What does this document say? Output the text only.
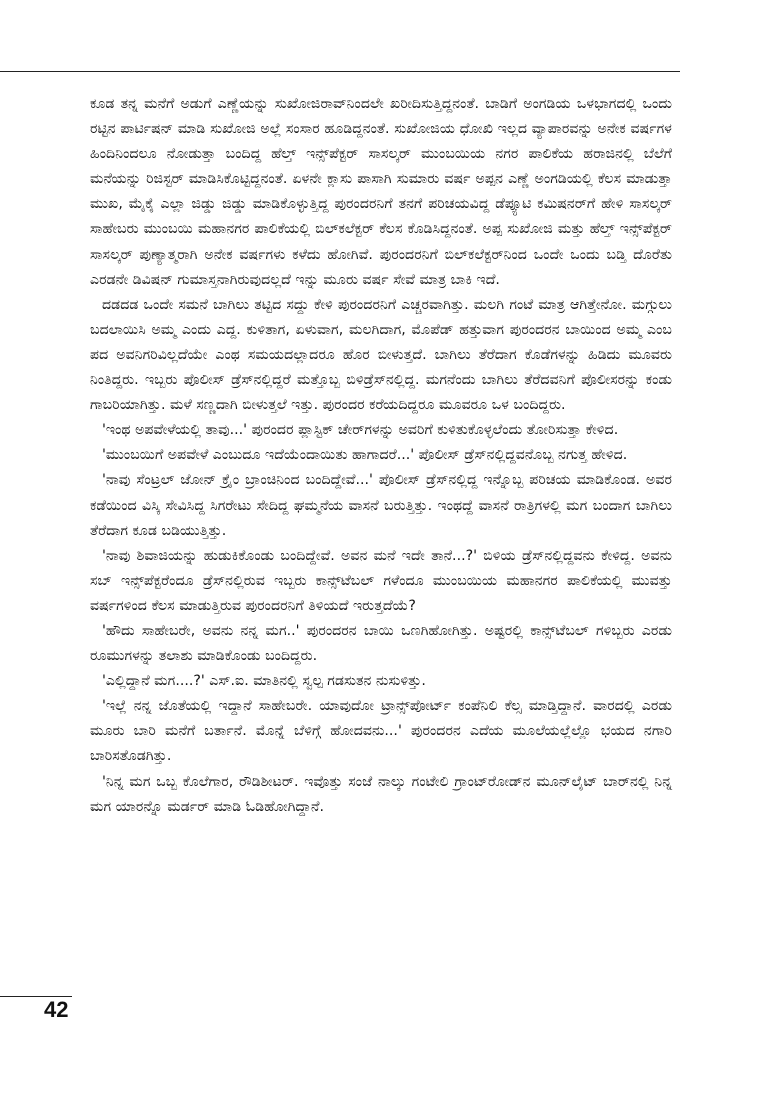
ಕೂಡ ತನ್ನ ಮನೆಗೆ ಅಡುಗೆ ಎಣ್ಣೆಯನ್ನು ಸುಖೋಜಿರಾವ್‌ನಿಂದಲೇ ಖರೀದಿಸುತ್ತಿದ್ದನಂತೆ. ಬಾಡಿಗೆ ಅಂಗಡಿಯ ಒಳಭಾಗದಲ್ಲಿ ಒಂದು ರಟ್ಟಿನ ಪಾರ್ಟಿಷನ್ ಮಾಡಿ ಸುಖೋಜಿ ಅಲ್ಲೆ ಸಂಸಾರ ಹೂಡಿದ್ದನಂತೆ. ಸುಖೋಜಿಯ ಧೋಖಿ ಇಲ್ಲದ ವ್ಯಾಪಾರವನ್ನು ಅನೇಕ ವರ್ಷಗಳ ಹಿಂದಿನಿಂದಲೂ ನೋಡುತ್ತಾ ಬಂದಿದ್ದ ಹೆಲ್ತ್ ಇನ್ಸ್‌ಪೆಕ್ಟರ್ ಸಾಸಲ್ಕರ್ ಮುಂಬಯಿಯ ನಗರ ಪಾಲಿಕೆಯ ಹರಾಜಿನಲ್ಲಿ ಬೆಲೆಗೆ ಮನೆಯನ್ನು ರಿಜಿಸ್ಟರ್ ಮಾಡಿಸಿಕೊಟ್ಟಿದ್ದನಂತೆ. ಏಳನೇ ಕ್ಲಾಸು ಪಾಸಾಗಿ ಸುಮಾರು ವರ್ಷ ಅಪ್ಪನ ಎಣ್ಣೆ ಅಂಗಡಿಯಲ್ಲಿ ಕೆಲಸ ಮಾಡುತ್ತಾ ಮುಖ, ಮೈಕೈ ಎಲ್ಲಾ ಜಿಡ್ಡು ಜಿಡ್ಡು ಮಾಡಿಕೊಳ್ಳುತ್ತಿದ್ದ ಪುರಂದರನಿಗೆ ತನಗೆ ಪರಿಚಯವಿದ್ದ ಡೆಪ್ಯೂಟಿ ಕಮಿಷನರ್‌ಗೆ ಹೇಳಿ ಸಾಸಲ್ಕರ್ ಸಾಹೇಬರು ಮುಂಬಯಿ ಮಹಾನಗರ ಪಾಲಿಕೆಯಲ್ಲಿ ಬಿಲ್‌ಕಲೆಕ್ಟರ್ ಕೆಲಸ ಕೊಡಿಸಿದ್ದನಂತೆ. ಅಪ್ಪ ಸುಖೋಜಿ ಮತ್ತು ಹೆಲ್ತ್ ಇನ್ಸ್‌ಪೆಕ್ಟರ್ ಸಾಸಲ್ಕರ್ ಪುಣ್ಯಾತ್ಮರಾಗಿ ಅನೇಕ ವರ್ಷಗಳು ಕಳೆದು ಹೋಗಿವೆ. ಪುರಂದರನಿಗೆ ಬಿಲ್‌ಕಲೆಕ್ಟರ್‌ನಿಂದ ಒಂದೇ ಒಂದು ಬಡ್ತಿ ದೊರೆತು ಎರಡನೇ ಡಿವಿಷನ್ ಗುಮಾಸ್ತನಾಗಿರುವುದಲ್ಲದೆ ಇನ್ನು ಮೂರು ವರ್ಷ ಸೇವೆ ಮಾತ್ರ ಬಾಕಿ ಇದೆ.

ದಡದಡ ಒಂದೇ ಸಮನೆ ಬಾಗಿಲು ತಟ್ಟಿದ ಸದ್ದು ಕೇಳಿ ಪುರಂದರನಿಗೆ ಎಚ್ಚರವಾಗಿತ್ತು. ಮಲಗಿ ಗಂಟೆ ಮಾತ್ರ ಆಗಿತ್ತೇನೋ. ಮಗ್ಗುಲು ಬದಲಾಯಿಸಿ ಅಮ್ಮ ಎಂದು ಎದ್ದ. ಕುಳಿತಾಗ, ಏಳುವಾಗ, ಮಲಗಿದಾಗ, ಮೊಪೆಡ್ ಹತ್ತುವಾಗ ಪುರಂದರನ ಬಾಯಿಂದ ಅಮ್ಮ ಎಂಬ ಪದ ಅವನಿಗರಿವಿಲ್ಲದೆಯೇ ಎಂಥ ಸಮಯದಲ್ಲಾದರೂ ಹೊರ ಬೀಳುತ್ತದೆ. ಬಾಗಿಲು ತೆರೆದಾಗ ಕೊಡೆಗಳನ್ನು ಹಿಡಿದು ಮೂವರು ನಿಂತಿದ್ದರು. ಇಬ್ಬರು ಪೊಲೀಸ್ ಡ್ರೆಸ್‌ನಲ್ಲಿದ್ದರೆ ಮತ್ತೊಬ್ಬ ಬಿಳಿಡ್ರೆಸ್‌ನಲ್ಲಿದ್ದ. ಮಗನೆಂದು ಬಾಗಿಲು ತೆರೆದವನಿಗೆ ಪೊಲೀಸರನ್ನು ಕಂಡು ಗಾಬರಿಯಾಗಿತ್ತು. ಮಳೆ ಸಣ್ಣದಾಗಿ ಬೀಳುತ್ತಲೆ ಇತ್ತು. ಪುರಂದರ ಕರೆಯದಿದ್ದರೂ ಮೂವರೂ ಒಳ ಬಂದಿದ್ದರು.

'ಇಂಥ ಅಪವೇಳೆಯಲ್ಲಿ ತಾವು...' ಪುರಂದರ ಪ್ಲಾಸ್ಟಿಕ್ ಚೇರ್‌ಗಳನ್ನು ಅವರಿಗೆ ಕುಳಿತುಕೊಳ್ಳಲೆಂದು ತೋರಿಸುತ್ತಾ ಕೇಳಿದ.

'ಮುಂಬಯಿಗೆ ಅಪವೇಳೆ ಎಂಬುದೂ ಇದೆಯೆಂದಾಯಿತು ಹಾಗಾದರೆ...' ಪೊಲೀಸ್ ಡ್ರೆಸ್‌ನಲ್ಲಿದ್ದವನೊಬ್ಬ ನಗುತ್ತ ಹೇಳಿದ.

'ನಾವು ಸೆಂಟ್ರಲ್ ಜೋನ್ ಕ್ರೈಂ ಬ್ರಾಂಚಿನಿಂದ ಬಂದಿದ್ದೇವೆ...' ಪೊಲೀಸ್ ಡ್ರೆಸ್‌ನಲ್ಲಿದ್ದ ಇನ್ನೊಬ್ಬ ಪರಿಚಯ ಮಾಡಿಕೊಂಡ. ಅವರ ಕಡೆಯಿಂದ ವಿಸ್ಕಿ ಸೇವಿಸಿದ್ದ ಸಿಗರೇಟು ಸೇದಿದ್ದ ಘಮ್ಮನೆಯ ವಾಸನೆ ಬರುತ್ತಿತ್ತು. ಇಂಥದ್ದೆ ವಾಸನೆ ರಾತ್ರಿಗಳಲ್ಲಿ ಮಗ ಬಂದಾಗ ಬಾಗಿಲು ತೆರೆದಾಗ ಕೂಡ ಬಡಿಯುತ್ತಿತ್ತು.

'ನಾವು ಶಿವಾಜಿಯನ್ನು ಹುಡುಕಿಕೊಂಡು ಬಂದಿದ್ದೇವೆ. ಅವನ ಮನೆ ಇದೇ ತಾನೆ...?' ಬಿಳಿಯ ಡ್ರೆಸ್‌ನಲ್ಲಿದ್ದವನು ಕೇಳಿದ್ದ. ಅವನು ಸಬ್ ಇನ್ಸ್‌ಪೆಕ್ಟರೆಂದೂ ಡ್ರೆಸ್‌ನಲ್ಲಿರುವ ಇಬ್ಬರು ಕಾನ್ಸ್‌ಟೆಬಲ್ ಗಳೆಂದೂ ಮುಂಬಯಿಯ ಮಹಾನಗರ ಪಾಲಿಕೆಯಲ್ಲಿ ಮುವತ್ತು ವರ್ಷಗಳಿಂದ ಕೆಲಸ ಮಾಡುತ್ತಿರುವ ಪುರಂದರನಿಗೆ ತಿಳಿಯದೆ ಇರುತ್ತದೆಯೆ?

'ಹೌದು ಸಾಹೇಬರೇ, ಅವನು ನನ್ನ ಮಗ..' ಪುರಂದರನ ಬಾಯಿ ಒಣಗಿಹೋಗಿತ್ತು. ಅಷ್ಟರಲ್ಲಿ ಕಾನ್ಸ್‌ಟೆಬಲ್ ಗಳಿಬ್ಬರು ಎರಡು ರೂಮುಗಳನ್ನು ತಲಾಶು ಮಾಡಿಕೊಂಡು ಬಂದಿದ್ದರು.

'ಎಲ್ಲಿದ್ದಾನೆ ಮಗ....?' ಎಸ್.ಐ. ಮಾತಿನಲ್ಲಿ ಸ್ವಲ್ಪ ಗಡಸುತನ ನುಸುಳಿತ್ತು.

'ಇಲ್ಲೆ ನನ್ನ ಜೊತೆಯಲ್ಲಿ ಇದ್ದಾನೆ ಸಾಹೇಬರೇ. ಯಾವುದೋ ಟ್ರಾನ್ಸ್‌ಪೋರ್ಟ್ ಕಂಪೆನಿಲಿ ಕೆಲ್ಸ ಮಾಡ್ತಿದ್ದಾನೆ. ವಾರದಲ್ಲಿ ಎರಡು ಮೂರು ಬಾರಿ ಮನೆಗೆ ಬರ್ತಾನೆ. ಮೊನ್ನೆ ಬೆಳಿಗ್ಗೆ ಹೋದವನು...' ಪುರಂದರನ ಎದೆಯ ಮೂಲೆಯಲ್ಲೆಲ್ಲೊ ಭಯದ ನಗಾರಿ ಬಾರಿಸತೊಡಗಿತ್ತು.

'ನಿನ್ನ ಮಗ ಒಬ್ಬ ಕೊಲೆಗಾರ, ರೌಡಿಶೀಟರ್. ಇವೊತ್ತು ಸಂಜೆ ನಾಲ್ಕು ಗಂಟೇಲಿ ಗ್ರಾಂಟ್‌ರೋಡ್‌ನ ಮೂನ್‌ಲೈಟ್ ಬಾರ್‌ನಲ್ಲಿ ನಿನ್ನ ಮಗ ಯಾರನ್ನೊ ಮರ್ಡರ್ ಮಾಡಿ ಓಡಿಹೋಗಿದ್ದಾನೆ.

42
